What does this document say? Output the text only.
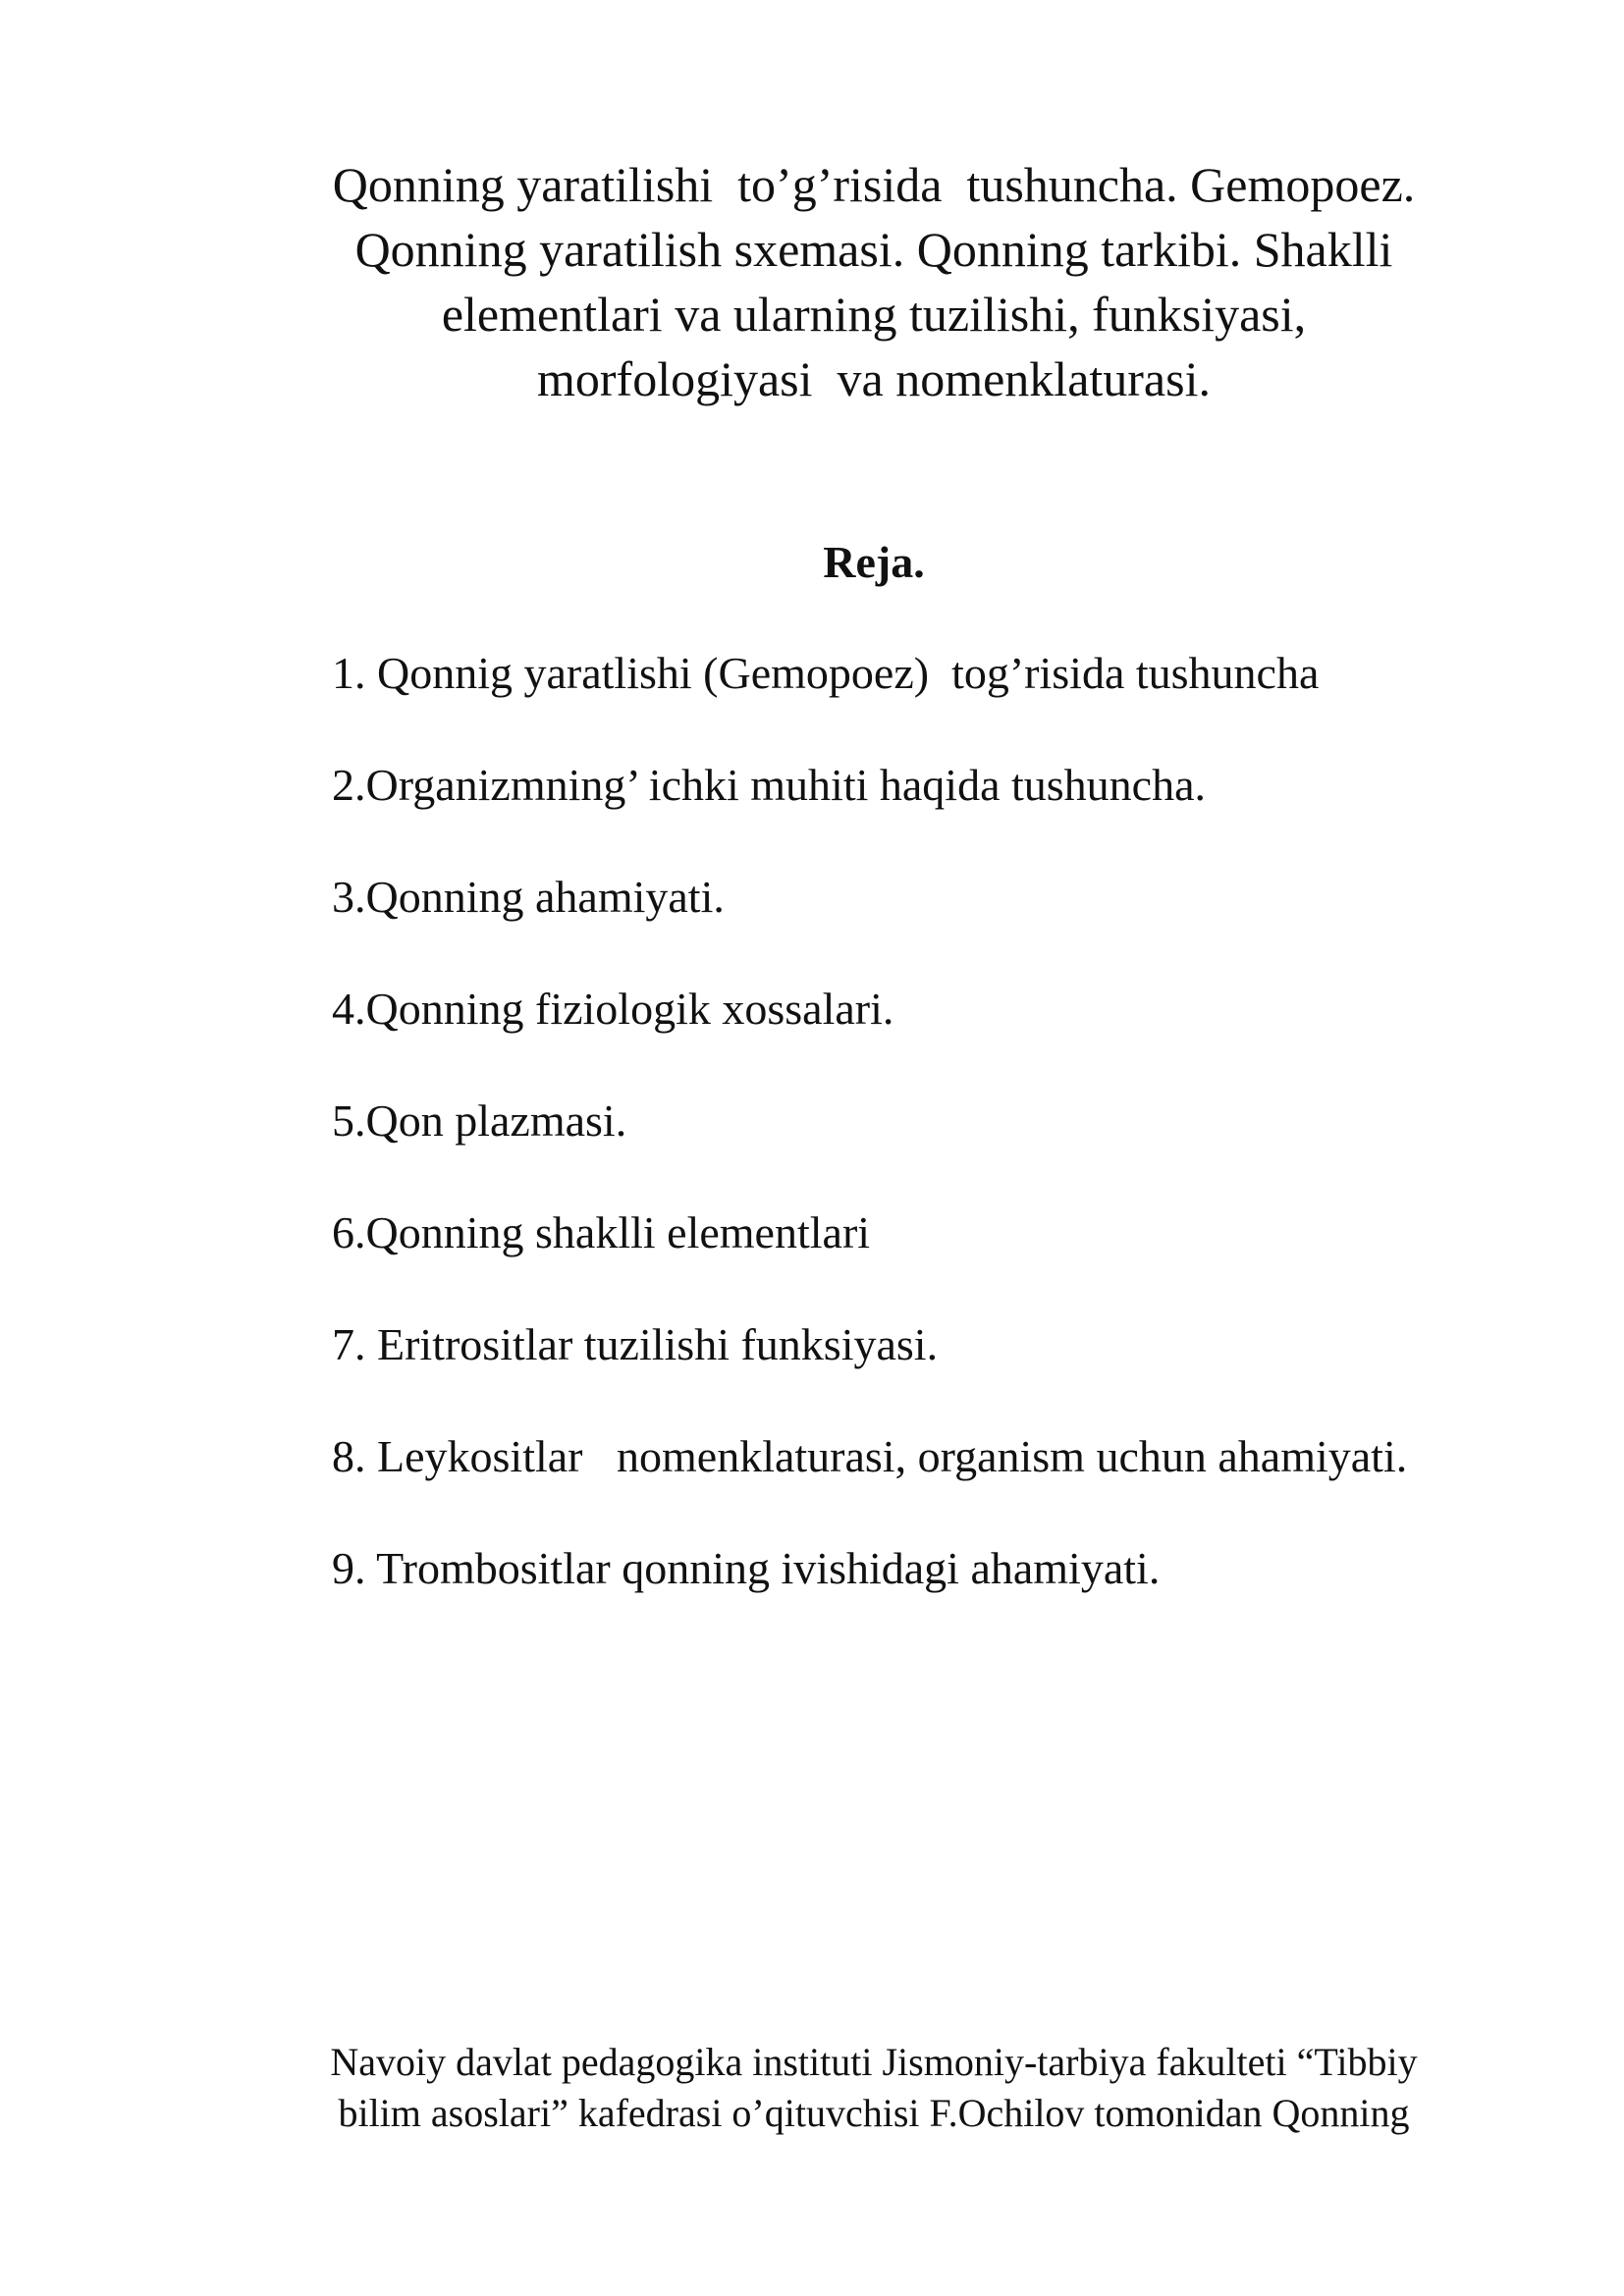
Qonning yaratilishi  to’g’risida  tushuncha. Gemopoez.
Qonning yaratilish sxemasi. Qonning tarkibi. Shaklli
elementlari va ularning tuzilishi, funksiyasi,
morfologiyasi  va nomenklaturasi.
Reja.
1. Qonnig yaratlishi (Gemopoez)  tog’risida tushuncha
2.Organizmning’ ichki muhiti haqida tushuncha.
3.Qonning ahamiyati.
4.Qonning fiziologik xossalari.
5.Qon plazmasi.
6.Qonning shaklli elementlari
7. Eritrositlar tuzilishi funksiyasi.
8. Leykositlar   nomenklaturasi, organism uchun ahamiyati.
9. Trombositlar qonning ivishidagi ahamiyati.
Navoiy davlat pedagogika instituti Jismoniy-tarbiya fakulteti “Tibbiy
bilim asoslari” kafedrasi o’qituvchisi F.Ochilov tomonidan Qonning
